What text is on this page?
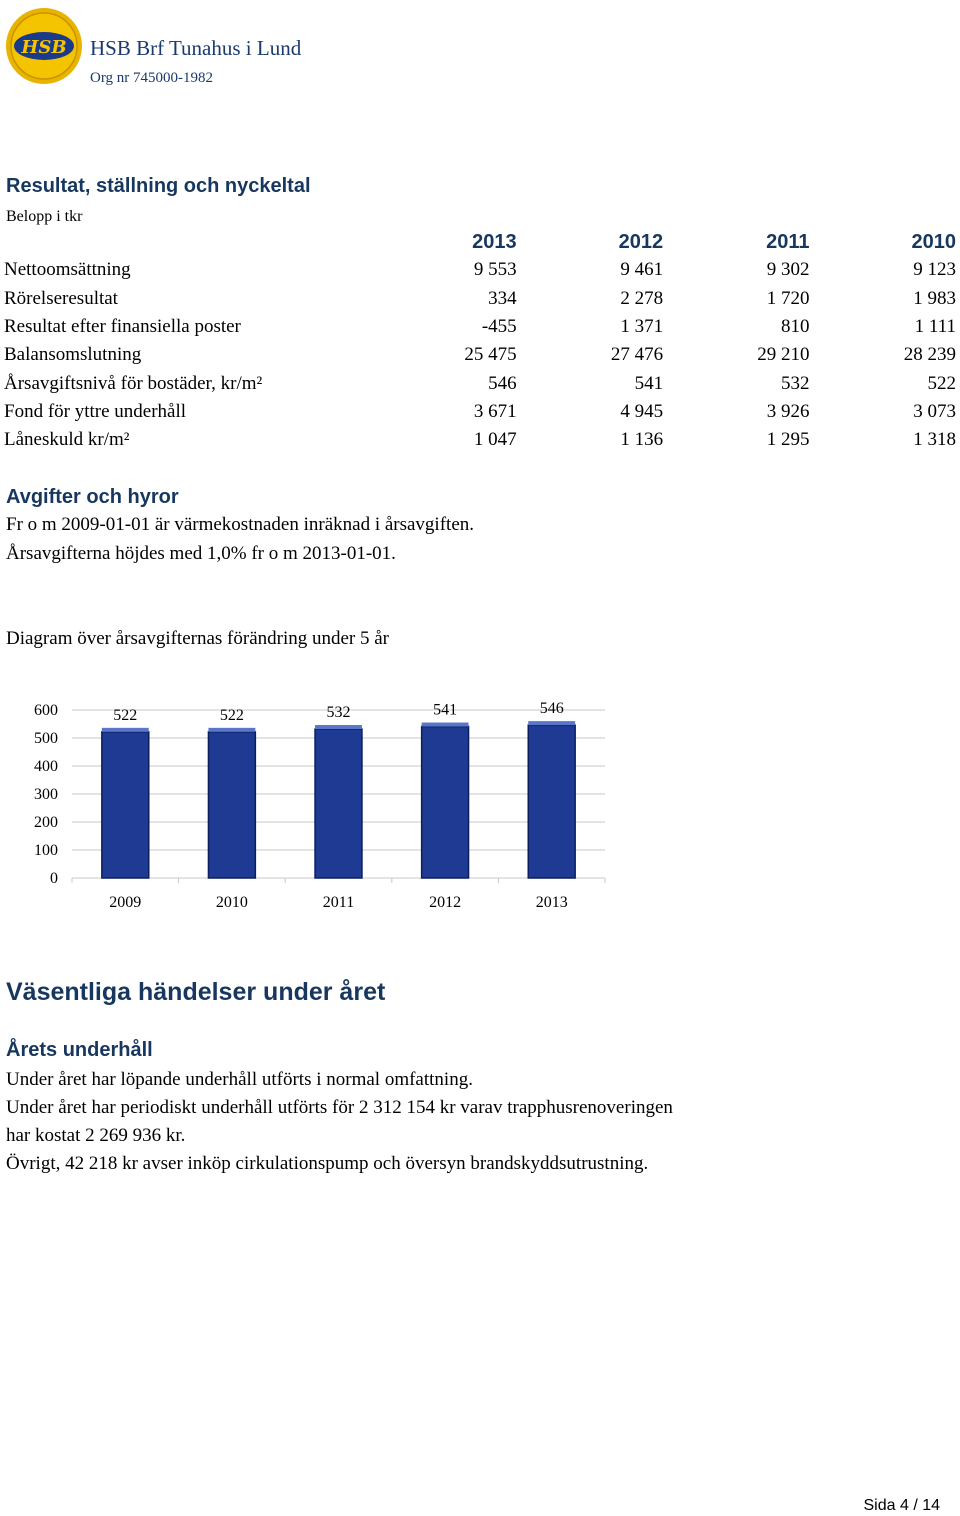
HSB HSB Brf Tunahus i Lund
Org nr 745000-1982
Resultat, ställning och nyckeltal
Belopp i tkr
	2013	2012	2011	2010
Nettoomsättning	9 553	9 461	9 302	9 123
Rörelseresultat	334	2 278	1 720	1 983
Resultat efter finansiella poster	-455	1 371	810	1 111
Balansomslutning	25 475	27 476	29 210	28 239
Årsavgiftsnivå för bostäder, kr/m²	546	541	532	522
Fond för yttre underhåll	3 671	4 945	3 926	3 073
Låneskuld kr/m²	1 047	1 136	1 295	1 318
Avgifter och hyror
Fr o m 2009-01-01 är värmekostnaden inräknad i årsavgiften.
Årsavgifterna höjdes med 1,0% fr o m 2013-01-01.
Diagram över årsavgifternas förändring under 5 år
0
100
200
300
400
500
600	522
2009
522
2010
532
2011
541
2012
546
2013
Väsentliga händelser under året
Årets underhåll
Under året har löpande underhåll utförts i normal omfattning.
Under året har periodiskt underhåll utförts för 2 312 154 kr varav trapphusrenoveringen
har kostat 2 269 936 kr.
Övrigt, 42 218 kr avser inköp cirkulationspump och översyn brandskyddsutrustning.
Sida 4 / 14
